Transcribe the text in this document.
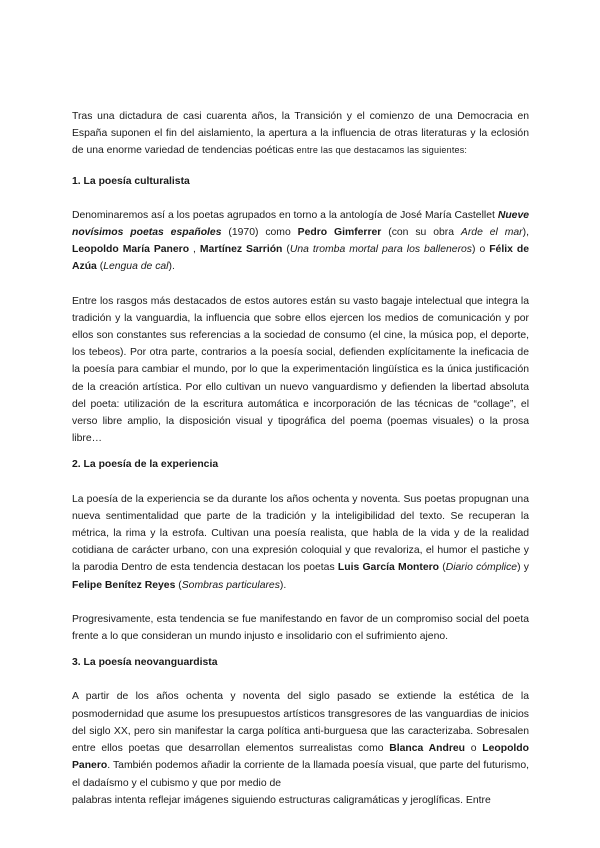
Tras una dictadura de casi cuarenta años, la Transición y el comienzo de una Democracia en España suponen el fin del aislamiento, la apertura a la influencia de otras literaturas y la eclosión de una enorme variedad de tendencias poéticas entre las que destacamos las siguientes:

1. La poesía culturalista

Denominaremos así a los poetas agrupados en torno a la antología de José María Castellet Nueve novísimos poetas españoles (1970) como Pedro Gimferrer (con su obra Arde el mar), Leopoldo María Panero , Martínez Sarrión (Una tromba mortal para los balleneros) o Félix de Azúa (Lengua de cal).

Entre los rasgos más destacados de estos autores están su vasto bagaje intelectual que integra la tradición y la vanguardia, la influencia que sobre ellos ejercen los medios de comunicación y por ellos son constantes sus referencias a la sociedad de consumo (el cine, la música pop, el deporte, los tebeos). Por otra parte, contrarios a la poesía social, defienden explícitamente la ineficacia de la poesía para cambiar el mundo, por lo que la experimentación lingüística es la única justificación de la creación artística. Por ello cultivan un nuevo vanguardismo y defienden la libertad absoluta del poeta: utilización de la escritura automática e incorporación de las técnicas de “collage”, el verso libre amplio, la disposición visual y tipográfica del poema (poemas visuales) o la prosa libre…

2. La poesía de la experiencia

La poesía de la experiencia se da durante los años ochenta y noventa. Sus poetas propugnan una nueva sentimentalidad que parte de la tradición y la inteligibilidad del texto. Se recuperan la métrica, la rima y la estrofa. Cultivan una poesía realista, que habla de la vida y de la realidad cotidiana de carácter urbano, con una expresión coloquial y que revaloriza, el humor el pastiche y la parodia Dentro de esta tendencia destacan los poetas Luis García Montero (Diario cómplice) y Felipe Benítez Reyes (Sombras particulares).

Progresivamente, esta tendencia se fue manifestando en favor de un compromiso social del poeta frente a lo que consideran un mundo injusto e insolidario con el sufrimiento ajeno.

3. La poesía neovanguardista

A partir de los años ochenta y noventa del siglo pasado se extiende la estética de la posmodernidad que asume los presupuestos artísticos transgresores de las vanguardias de inicios del siglo XX, pero sin manifestar la carga política anti-burguesa que las caracterizaba. Sobresalen entre ellos poetas que desarrollan elementos surrealistas como Blanca Andreu o Leopoldo Panero. También podemos añadir la corriente de la llamada poesía visual, que parte del futurismo, el dadaísmo y el cubismo y que por medio de

palabras intenta reflejar imágenes siguiendo estructuras caligramáticas y jeroglíficas. Entre
